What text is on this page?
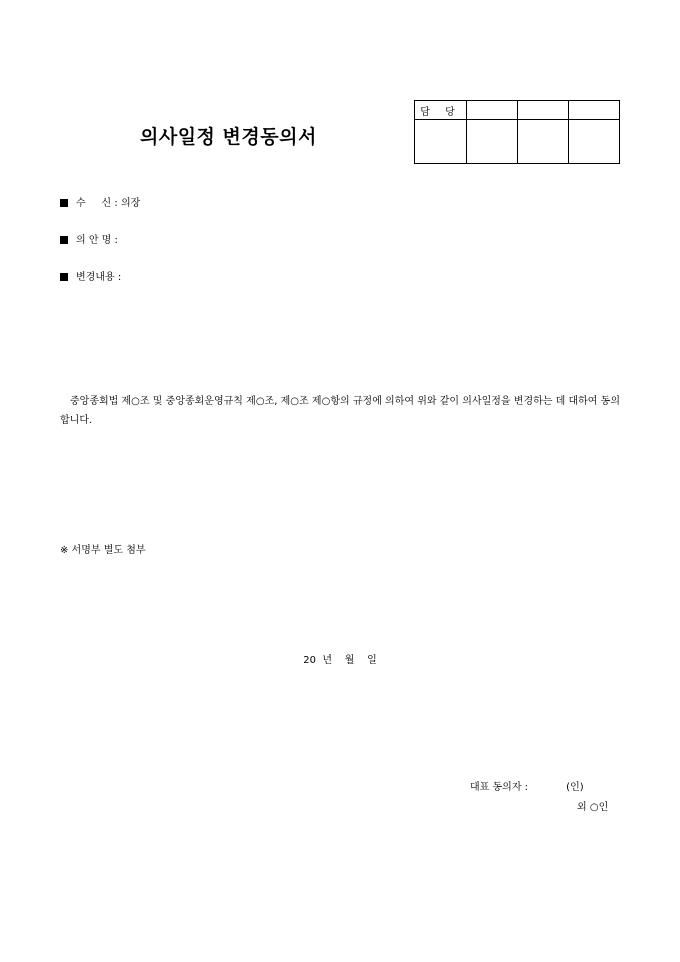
의사일정 변경동의서
담 당			

수     신 : 의장
의 안 명 :
변경내용 :
중앙종회법 제○조 및 중앙종회운영규칙 제○조, 제○조 제○항의 규정에 의하여 위와 같이 의사일정을 변경하는 데 대하여 동의합니다.
※ 서명부 별도 첨부
20  년    월    일
대표 동의자 :            (인)
외 ○인
